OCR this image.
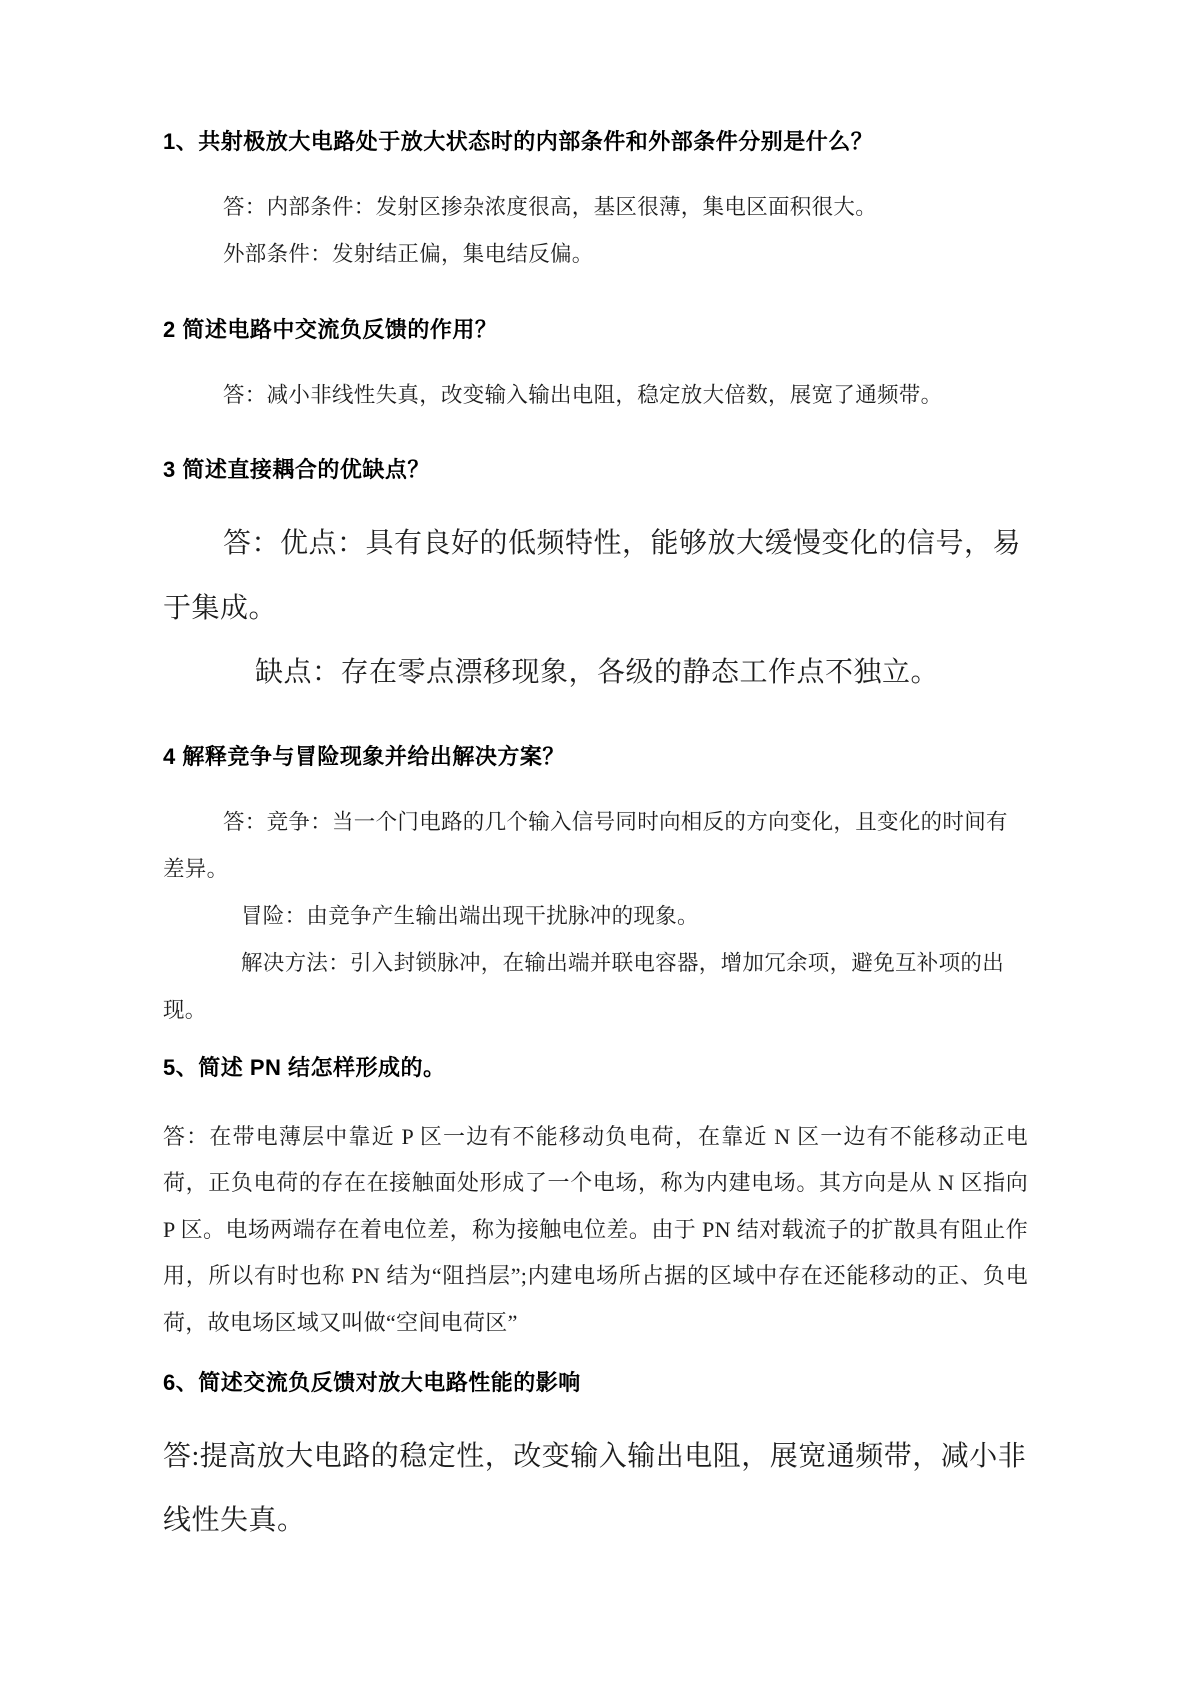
1、共射极放大电路处于放大状态时的内部条件和外部条件分别是什么？
答：内部条件：发射区掺杂浓度很高，基区很薄，集电区面积很大。
外部条件：发射结正偏，集电结反偏。
2 简述电路中交流负反馈的作用？
答：减小非线性失真，改变输入输出电阻，稳定放大倍数，展宽了通频带。
3 简述直接耦合的优缺点？
答：优点：具有良好的低频特性，能够放大缓慢变化的信号，易于集成。
缺点：存在零点漂移现象，各级的静态工作点不独立。
4 解释竞争与冒险现象并给出解决方案？
答：竞争：当一个门电路的几个输入信号同时向相反的方向变化，且变化的时间有差异。
冒险：由竞争产生输出端出现干扰脉冲的现象。
解决方法：引入封锁脉冲，在输出端并联电容器，增加冗余项，避免互补项的出现。
5、简述 PN 结怎样形成的。
答：在带电薄层中靠近 P 区一边有不能移动负电荷，在靠近 N 区一边有不能移动正电荷，正负电荷的存在在接触面处形成了一个电场，称为内建电场。其方向是从 N 区指向 P 区。电场两端存在着电位差，称为接触电位差。由于 PN 结对载流子的扩散具有阻止作用，所以有时也称 PN 结为“阻挡层”;内建电场所占据的区域中存在还能移动的正、负电荷，故电场区域又叫做“空间电荷区”
6、简述交流负反馈对放大电路性能的影响
答:提高放大电路的稳定性，改变输入输出电阻，展宽通频带，减小非线性失真。
